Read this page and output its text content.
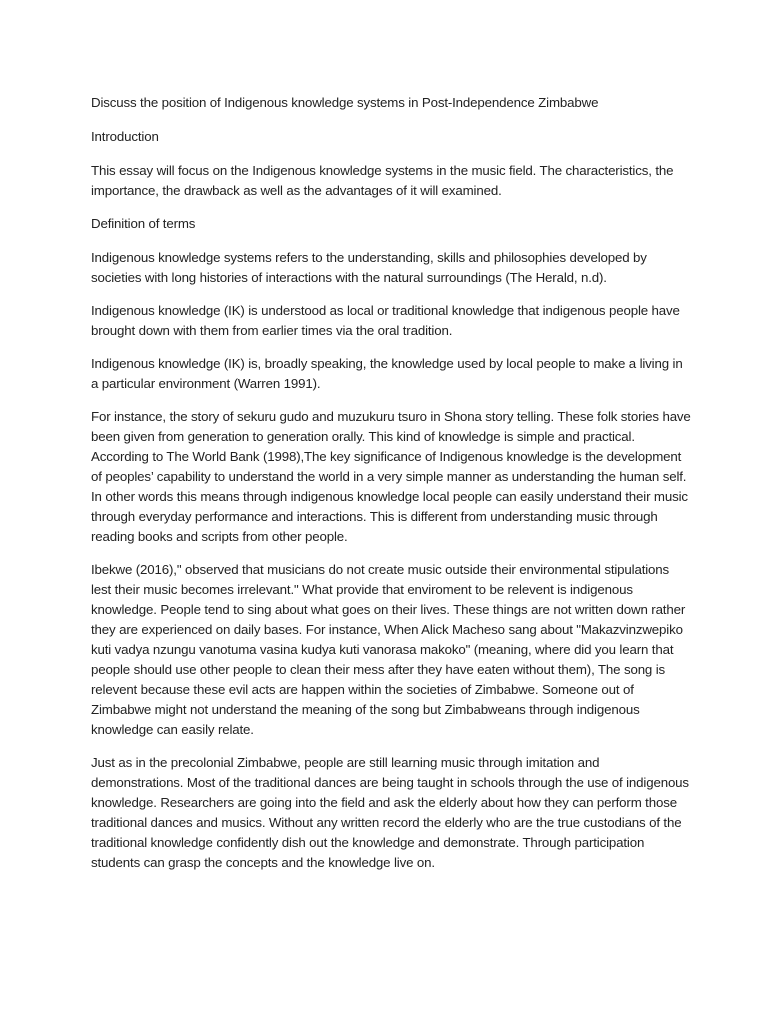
Discuss the position of Indigenous knowledge systems in Post-Independence Zimbabwe

Introduction

This essay will focus on the Indigenous knowledge systems in the music field. The characteristics, the importance, the drawback as well as the advantages of it will examined.

Definition of terms

Indigenous knowledge systems refers to the understanding, skills and philosophies developed by societies with long histories of interactions with the natural surroundings (The Herald, n.d).

Indigenous knowledge (IK) is understood as local or traditional knowledge that indigenous people have brought down with them from earlier times via the oral tradition.

Indigenous knowledge (IK) is, broadly speaking, the knowledge used by local people to make a living in a particular environment (Warren 1991).

For instance, the story of sekuru gudo and muzukuru tsuro in Shona story telling. These folk stories have been given from generation to generation orally. This kind of knowledge is simple and practical. According to The World Bank (1998),The key significance of Indigenous knowledge is the development of peoples’ capability to understand the world in a very simple manner as understanding the human self. In other words this means through indigenous knowledge local people can easily understand their music through everyday performance and interactions. This is different from understanding music through reading books and scripts from other people.

Ibekwe (2016)," observed that musicians do not create music outside their environmental stipulations lest their music becomes irrelevant." What provide that enviroment to be relevent is indigenous knowledge. People tend to sing about what goes on their lives. These things are not written down rather they are experienced on daily bases. For instance, When Alick Macheso sang about "Makazvinzwepiko kuti vadya nzungu vanotuma vasina kudya kuti vanorasa makoko" (meaning, where did you learn that people should use other people to clean their mess after they have eaten without them), The song is relevent because these evil acts are happen within the societies of Zimbabwe. Someone out of Zimbabwe might not understand the meaning of the song but Zimbabweans through indigenous knowledge can easily relate.

Just as in the precolonial Zimbabwe, people are still learning music through imitation and demonstrations. Most of the traditional dances are being taught in schools through the use of indigenous knowledge. Researchers are going into the field and ask the elderly about how they can perform those traditional dances and musics. Without any written record the elderly who are the true custodians of the traditional knowledge confidently dish out the knowledge and demonstrate. Through participation students can grasp the concepts and the knowledge live on.
